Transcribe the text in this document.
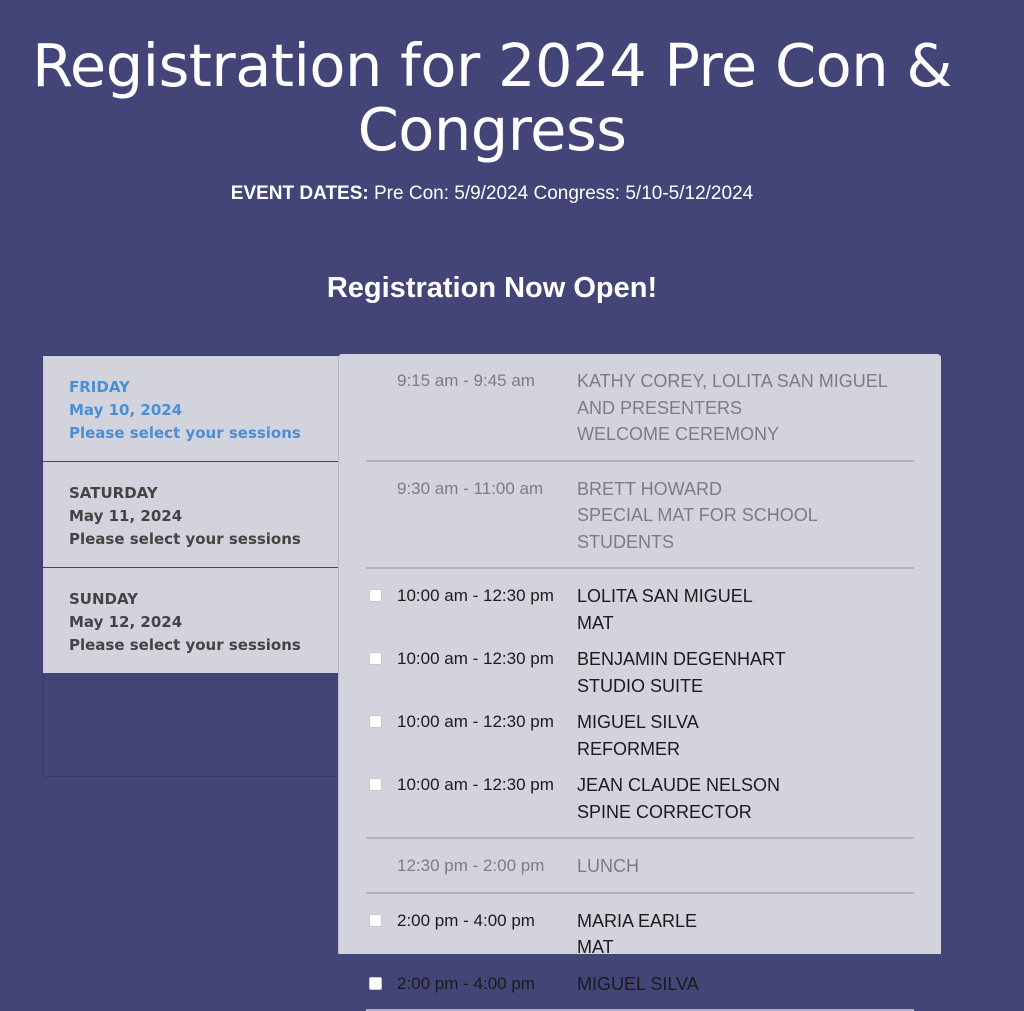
Registration for 2024 Pre Con & Congress
EVENT DATES: Pre Con: 5/9/2024 Congress: 5/10-5/12/2024
Registration Now Open!
FRIDAY
May 10, 2024
Please select your sessions
SATURDAY
May 11, 2024
Please select your sessions
SUNDAY
May 12, 2024
Please select your sessions
9:15 am - 9:45 am	KATHY COREY, LOLITA SAN MIGUEL
AND PRESENTERS
WELCOME CEREMONY
9:30 am - 11:00 am	BRETT HOWARD
SPECIAL MAT FOR SCHOOL
STUDENTS
10:00 am - 12:30 pm	LOLITA SAN MIGUEL
MAT
10:00 am - 12:30 pm	BENJAMIN DEGENHART
STUDIO SUITE
10:00 am - 12:30 pm	MIGUEL SILVA
REFORMER
10:00 am - 12:30 pm	JEAN CLAUDE NELSON
SPINE CORRECTOR
12:30 pm - 2:00 pm	LUNCH
2:00 pm - 4:00 pm	MARIA EARLE
MAT
2:00 pm - 4:00 pm	MIGUEL SILVA
